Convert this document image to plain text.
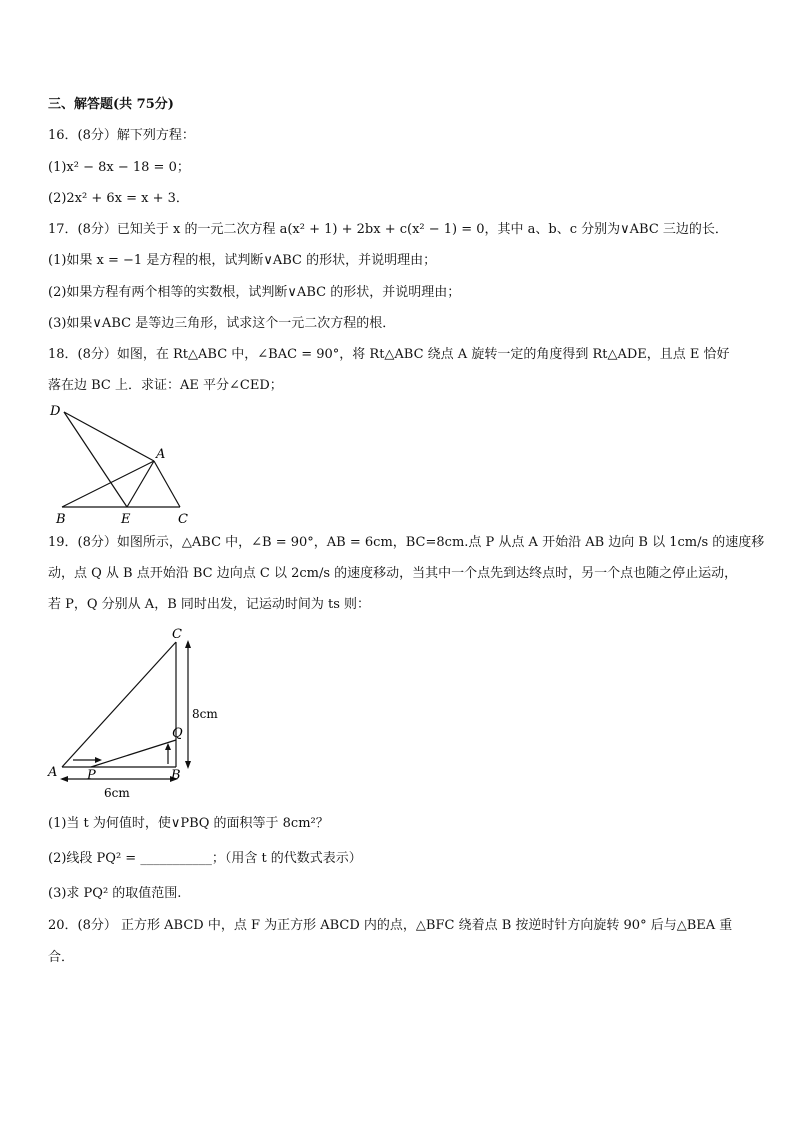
三、解答题(共 75分)
16．(8分）解下列方程：
(1)x² − 8x − 18 = 0；
(2)2x² + 6x = x + 3．
17．(8分）已知关于 x 的一元二次方程 a(x² + 1) + 2bx + c(x² − 1) = 0，其中 a、b、c 分别为∨ABC 三边的长．
(1)如果 x = −1 是方程的根，试判断∨ABC 的形状，并说明理由；
(2)如果方程有两个相等的实数根，试判断∨ABC 的形状，并说明理由；
(3)如果∨ABC 是等边三角形，试求这个一元二次方程的根．
18．(8分）如图，在 Rt△ABC 中，∠BAC = 90°，将 Rt△ABC 绕点 A 旋转一定的角度得到 Rt△ADE，且点 E 恰好
落在边 BC 上．求证：AE 平分∠CED；
D
A
B	E	C
19．(8分）如图所示，△ABC 中，∠B = 90°，AB = 6cm，BC=8cm.点 P 从点 A 开始沿 AB 边向 B 以 1cm/s 的速度移
动，点 Q 从 B 点开始沿 BC 边向点 C 以 2cm/s 的速度移动，当其中一个点先到达终点时，另一个点也随之停止运动，
若 P，Q 分别从 A，B 同时出发，记运动时间为 ts 则：
C
Q
A P	B
8cm
6cm
(1)当 t 为何值时，使∨PBQ 的面积等于 8cm²？
(2)线段 PQ² = ___________；（用含 t 的代数式表示）
(3)求 PQ² 的取值范围.
20．(8分） 正方形 ABCD 中，点 F 为正方形 ABCD 内的点，△BFC 绕着点 B 按逆时针方向旋转 90° 后与△BEA 重
合．
